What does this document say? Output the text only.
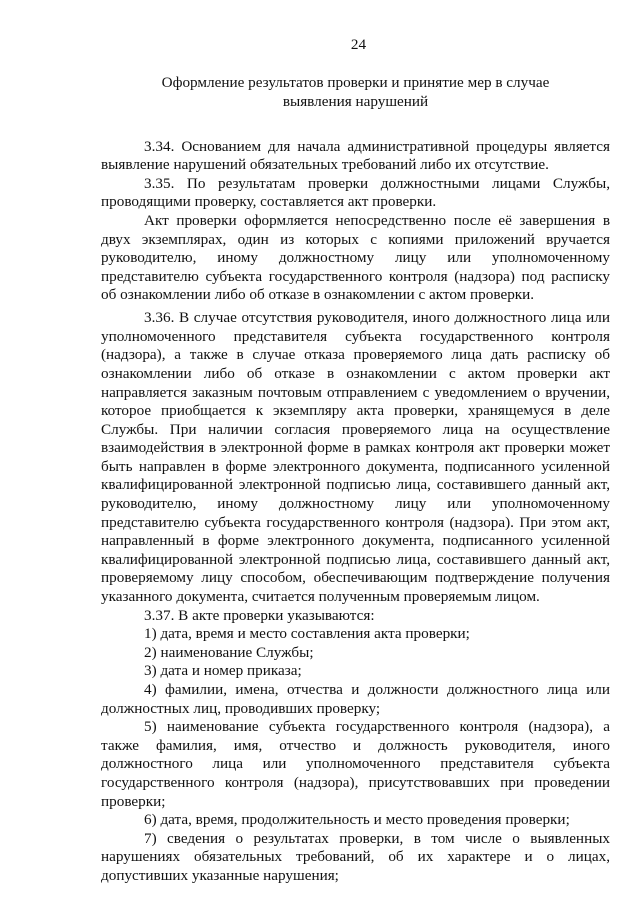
24
Оформление результатов проверки и принятие мер в случае
выявления нарушений

3.34. Основанием для начала административной процедуры является выявление нарушений обязательных требований либо их отсутствие.

3.35. По результатам проверки должностными лицами Службы, проводящими проверку, составляется акт проверки.

Акт проверки оформляется непосредственно после её завершения в двух экземплярах, один из которых с копиями приложений вручается руководителю, иному должностному лицу или уполномоченному представителю субъекта государственного контроля (надзора) под расписку об ознакомлении либо об отказе в ознакомлении с актом проверки.

3.36. В случае отсутствия руководителя, иного должностного лица или уполномоченного представителя субъекта государственного контроля (надзора), а также в случае отказа проверяемого лица дать расписку об ознакомлении либо об отказе в ознакомлении с актом проверки акт направляется заказным почтовым отправлением с уведомлением о вручении, которое приобщается к экземпляру акта проверки, хранящемуся в деле Службы. При наличии согласия проверяемого лица на осуществление взаимодействия в электронной форме в рамках контроля акт проверки может быть направлен в форме электронного документа, подписанного усиленной квалифицированной электронной подписью лица, составившего данный акт, руководителю, иному должностному лицу или уполномоченному представителю субъекта государственного контроля (надзора). При этом акт, направленный в форме электронного документа, подписанного усиленной квалифицированной электронной подписью лица, составившего данный акт, проверяемому лицу способом, обеспечивающим подтверждение получения указанного документа, считается полученным проверяемым лицом.

3.37. В акте проверки указываются:

1) дата, время и место составления акта проверки;

2) наименование Службы;

3) дата и номер приказа;

4) фамилии, имена, отчества и должности должностного лица или должностных лиц, проводивших проверку;

5) наименование субъекта государственного контроля (надзора), а также фамилия, имя, отчество и должность руководителя, иного должностного лица или уполномоченного представителя субъекта государственного контроля (надзора), присутствовавших при проведении проверки;

6) дата, время, продолжительность и место проведения проверки;

7) сведения о результатах проверки, в том числе о выявленных нарушениях обязательных требований, об их характере и о лицах, допустивших указанные нарушения;
